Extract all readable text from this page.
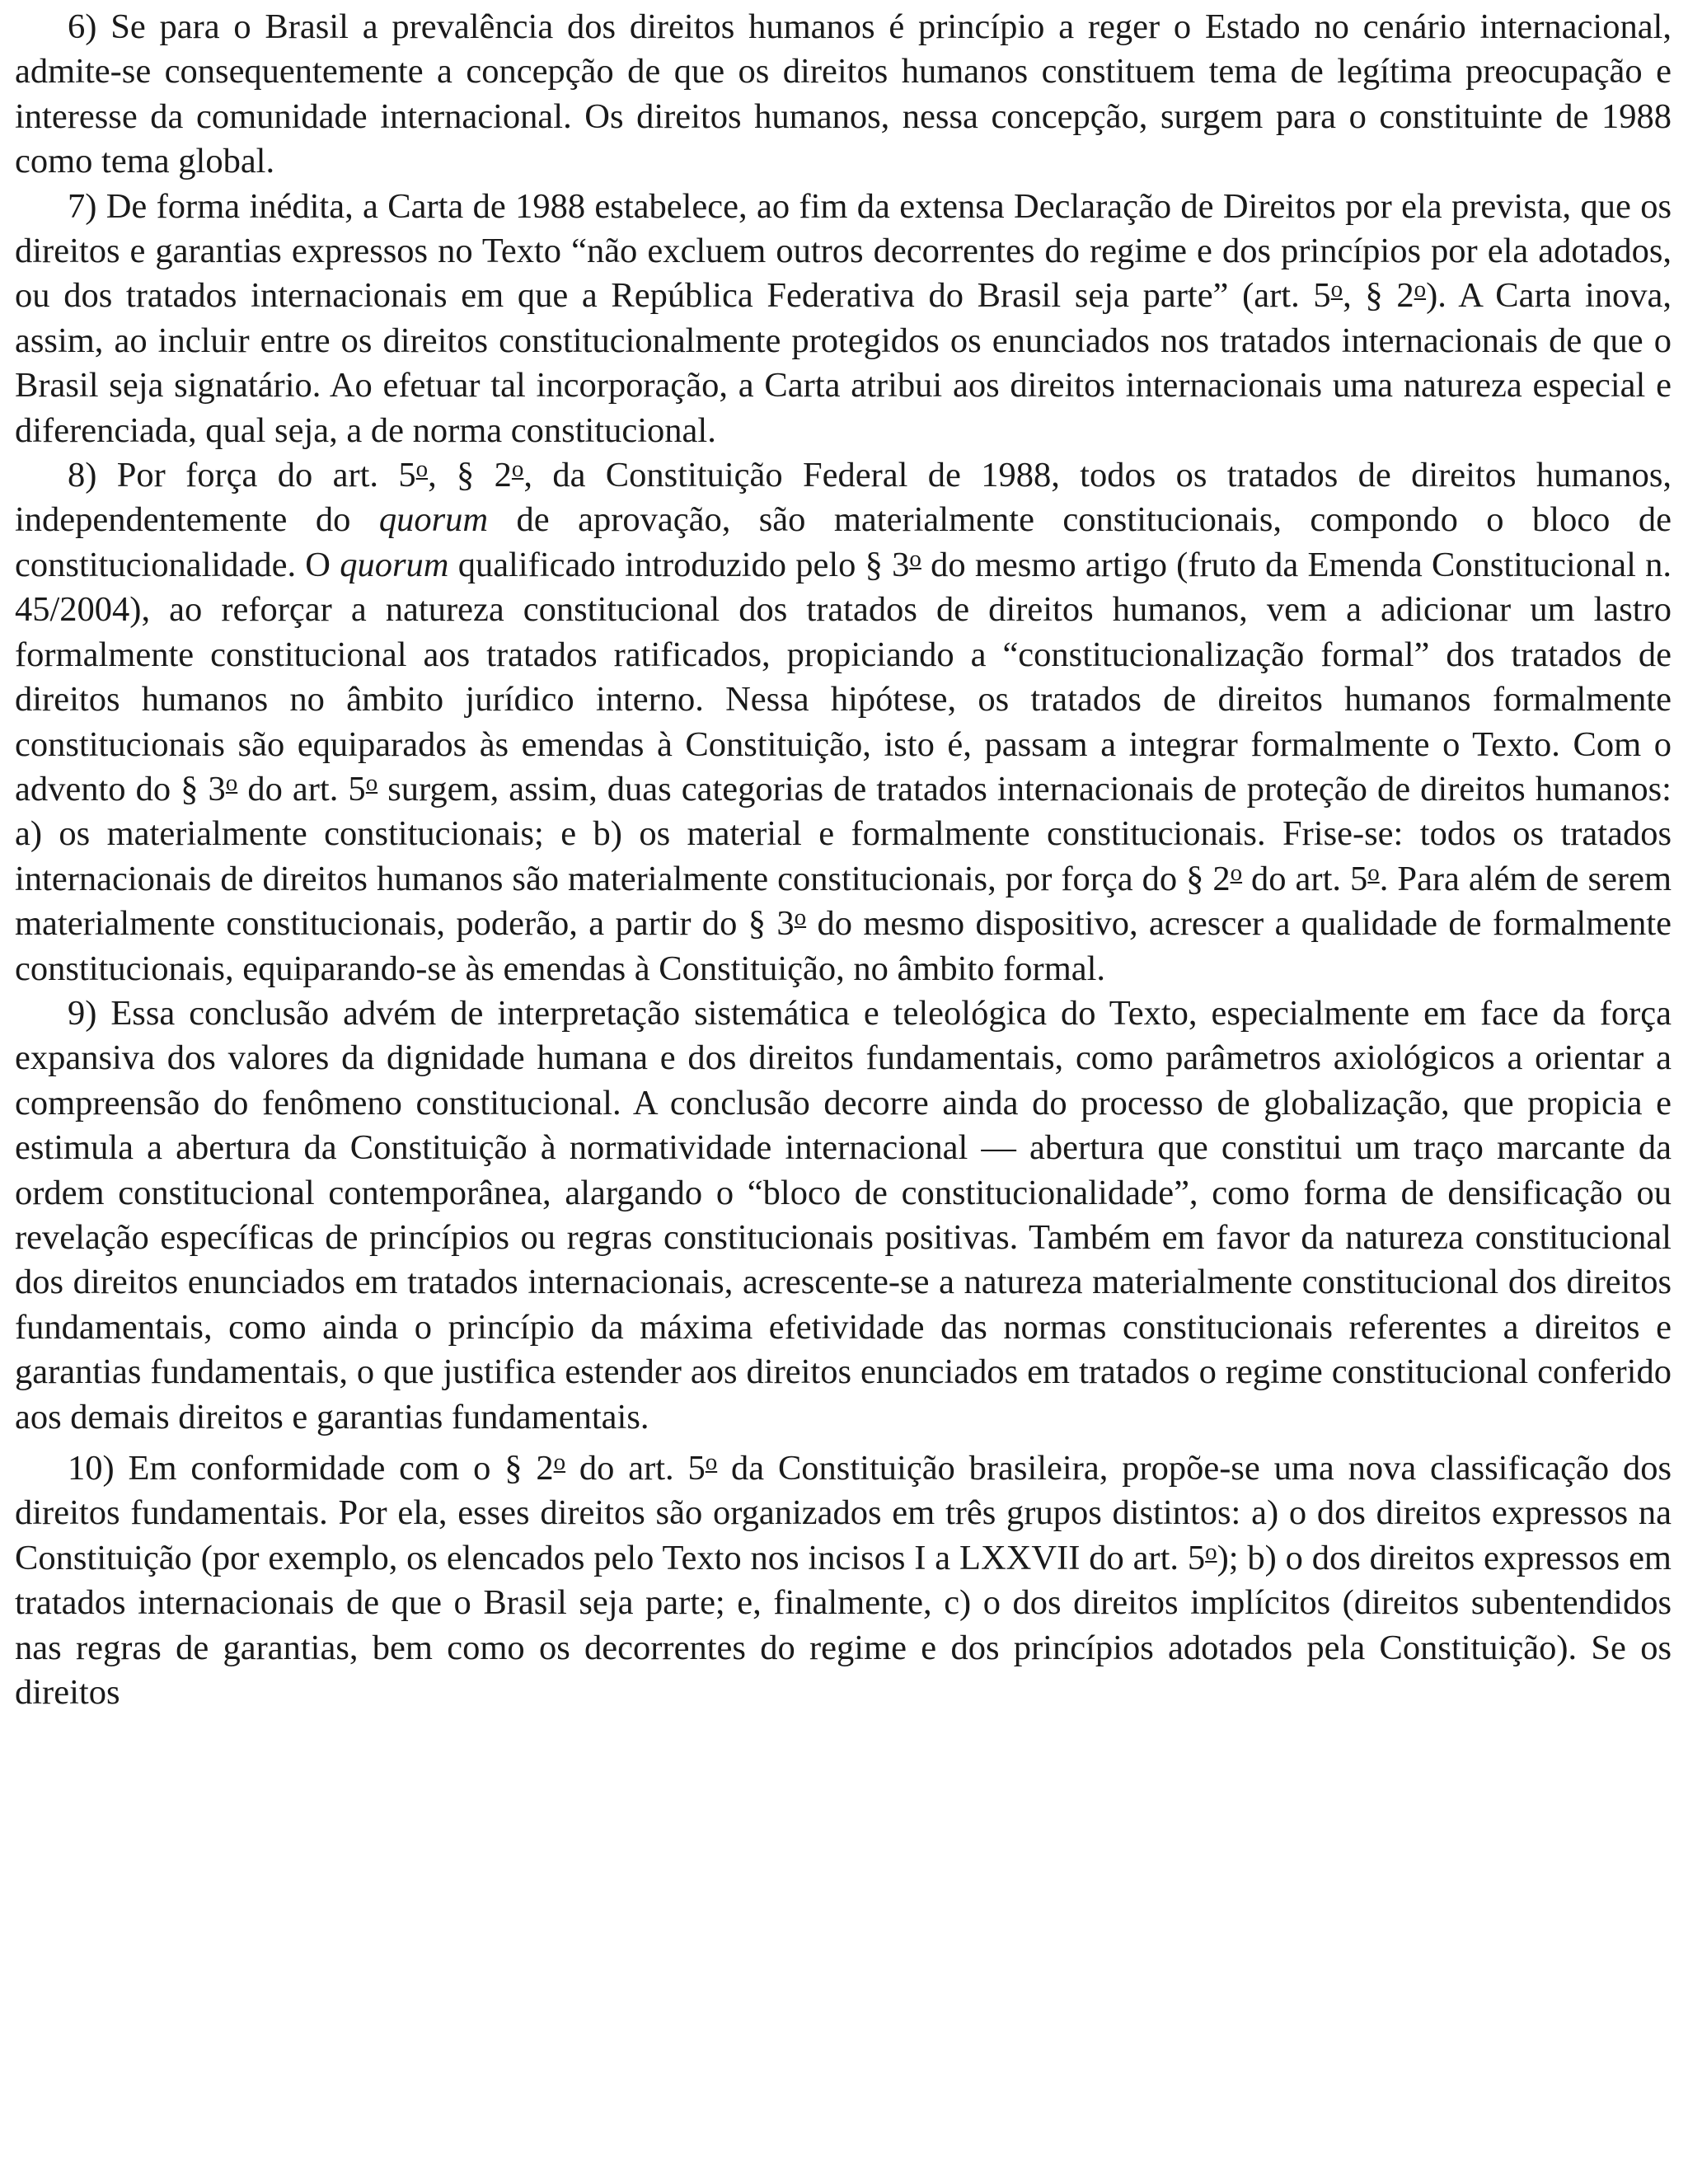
6) Se para o Brasil a prevalência dos direitos humanos é princípio a reger o Estado no cenário internacional, admite-se consequentemente a concepção de que os direitos humanos constituem tema de legítima preocupação e interesse da comunidade internacional. Os direitos humanos, nessa concepção, surgem para o constituinte de 1988 como tema global.

7) De forma inédita, a Carta de 1988 estabelece, ao fim da extensa Declaração de Direitos por ela prevista, que os direitos e garantias expressos no Texto “não excluem outros decorrentes do regime e dos princípios por ela adotados, ou dos tratados internacionais em que a República Federativa do Brasil seja parte” (art. 5$^o$, § 2$^o$). A Carta inova, assim, ao incluir entre os direitos constitucionalmente protegidos os enunciados nos tratados internacionais de que o Brasil seja signatário. Ao efetuar tal incorporação, a Carta atribui aos direitos internacionais uma natureza especial e diferenciada, qual seja, a de norma constitucional.

8) Por força do art. 5$^o$, § 2$^o$, da Constituição Federal de 1988, todos os tratados de direitos humanos, independentemente do quorum de aprovação, são materialmente constitucionais, compondo o bloco de constitucionalidade. O quorum qualificado introduzido pelo § 3$^o$ do mesmo artigo (fruto da Emenda Constitucional n. 45/2004), ao reforçar a natureza constitucional dos tratados de direitos humanos, vem a adicionar um lastro formalmente constitucional aos tratados ratificados, propiciando a “constitucionalização formal” dos tratados de direitos humanos no âmbito jurídico interno. Nessa hipótese, os tratados de direitos humanos formalmente constitucionais são equiparados às emendas à Constituição, isto é, passam a integrar formalmente o Texto. Com o advento do § 3$^o$ do art. 5$^o$ surgem, assim, duas categorias de tratados internacionais de proteção de direitos humanos: a) os materialmente constitucionais; e b) os material e formalmente constitucionais. Frise-se: todos os tratados internacionais de direitos humanos são materialmente constitucionais, por força do § 2$^o$ do art. 5$^o$. Para além de serem materialmente constitucionais, poderão, a partir do § 3$^o$ do mesmo dispositivo, acrescer a qualidade de formalmente constitucionais, equiparando-se às emendas à Constituição, no âmbito formal.

9) Essa conclusão advém de interpretação sistemática e teleológica do Texto, especialmente em face da força expansiva dos valores da dignidade humana e dos direitos fundamentais, como parâmetros axiológicos a orientar a compreensão do fenômeno constitucional. A conclusão decorre ainda do processo de globalização, que propicia e estimula a abertura da Constituição à normatividade internacional — abertura que constitui um traço marcante da ordem constitucional contemporânea, alargando o “bloco de constitucionalidade”, como forma de densificação ou revelação específicas de princípios ou regras constitucionais positivas. Também em favor da natureza constitucional dos direitos enunciados em tratados internacionais, acrescente-se a natureza materialmente constitucional dos direitos fundamentais, como ainda o princípio da máxima efetividade das normas constitucionais referentes a direitos e garantias fundamentais, o que justifica estender aos direitos enunciados em tratados o regime constitucional conferido aos demais direitos e garantias fundamentais.

10) Em conformidade com o § 2$^o$ do art. 5$^o$ da Constituição brasileira, propõe-se uma nova classificação dos direitos fundamentais. Por ela, esses direitos são organizados em três grupos distintos: a) o dos direitos expressos na Constituição (por exemplo, os elencados pelo Texto nos incisos I a LXXVII do art. 5$^o$); b) o dos direitos expressos em tratados internacionais de que o Brasil seja parte; e, finalmente, c) o dos direitos implícitos (direitos subentendidos nas regras de garantias, bem como os decorrentes do regime e dos princípios adotados pela Constituição). Se os direitos
